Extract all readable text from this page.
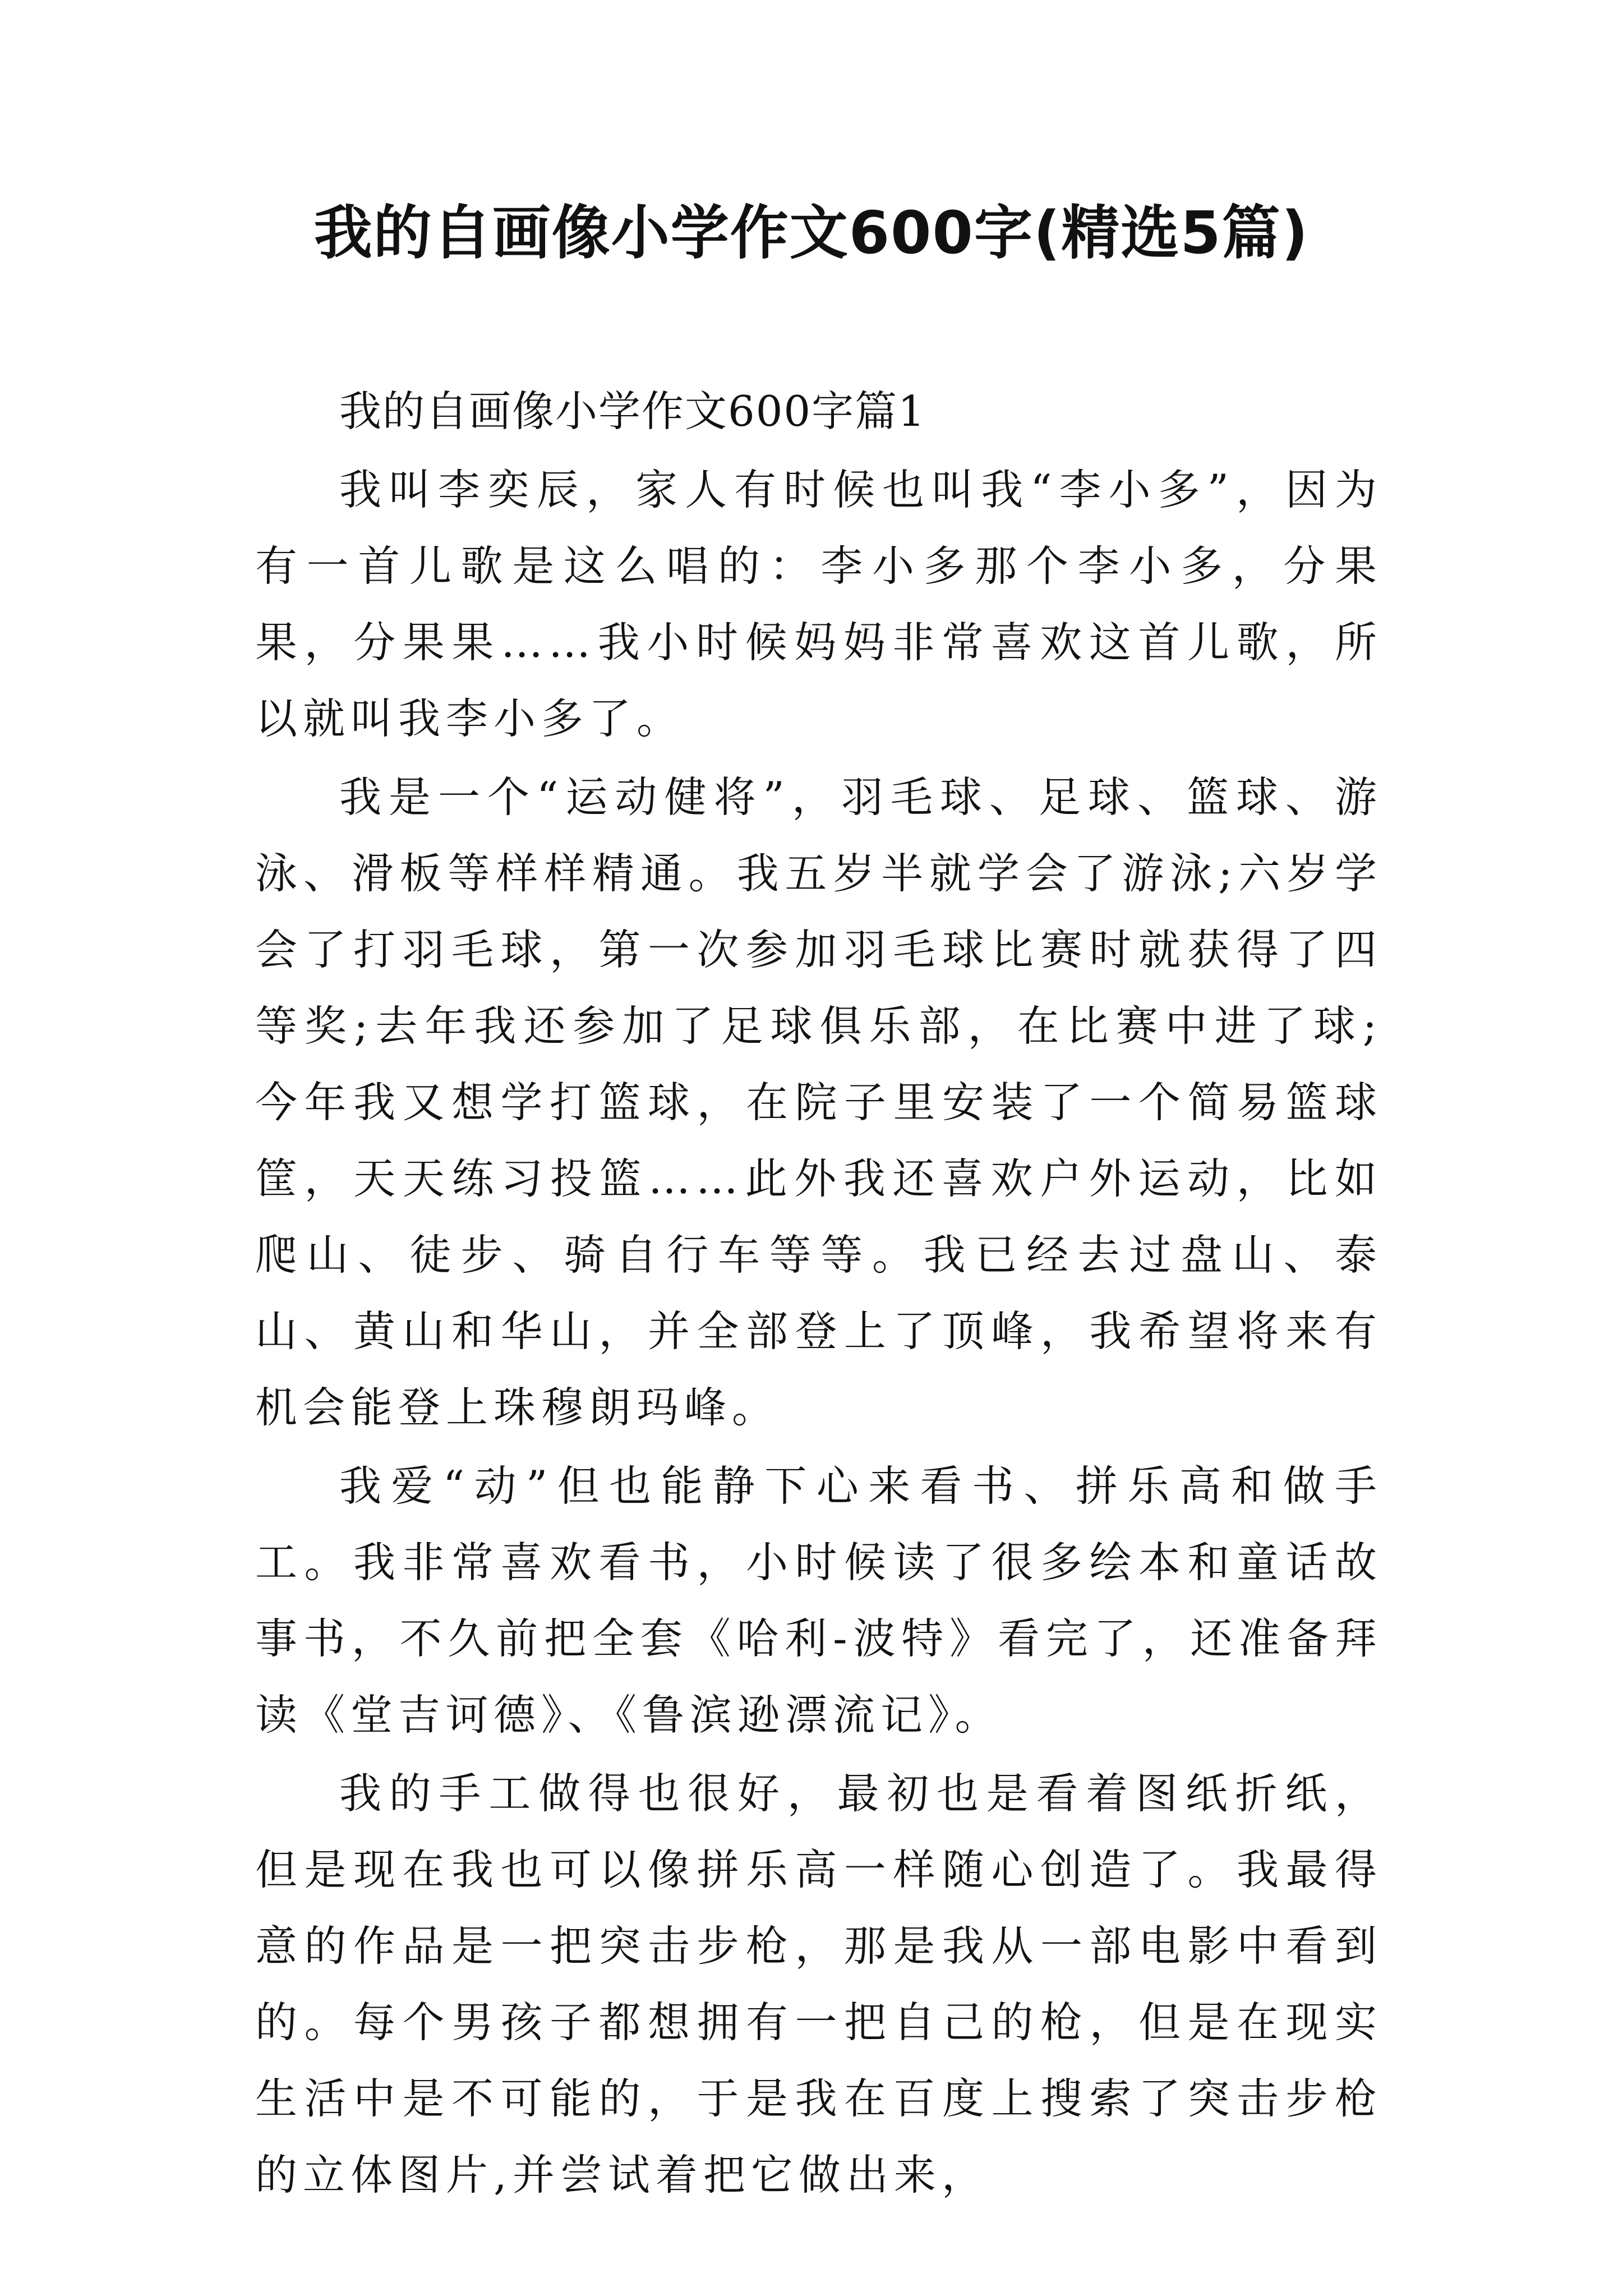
我的自画像小学作文600字(精选5篇)

我的自画像小学作文600字篇1

我叫李奕辰，家人有时候也叫我“李小多”，因为有一首儿歌是这么唱的：李小多那个李小多，分果果，分果果……我小时候妈妈非常喜欢这首儿歌，所以就叫我李小多了。

我是一个“运动健将”，羽毛球、足球、篮球、游泳、滑板等样样精通。我五岁半就学会了游泳;六岁学会了打羽毛球，第一次参加羽毛球比赛时就获得了四等奖;去年我还参加了足球俱乐部，在比赛中进了球;今年我又想学打篮球，在院子里安装了一个简易篮球筐，天天练习投篮……此外我还喜欢户外运动，比如爬山、徒步、骑自行车等等。我已经去过盘山、泰山、黄山和华山，并全部登上了顶峰，我希望将来有机会能登上珠穆朗玛峰。

我爱“动”但也能静下心来看书、拼乐高和做手工。我非常喜欢看书，小时候读了很多绘本和童话故事书，不久前把全套《哈利-波特》看完了，还准备拜读《堂吉诃德》、《鲁滨逊漂流记》。

我的手工做得也很好，最初也是看着图纸折纸，但是现在我也可以像拼乐高一样随心创造了。我最得意的作品是一把突击步枪，那是我从一部电影中看到的。每个男孩子都想拥有一把自己的枪，但是在现实生活中是不可能的，于是我在百度上搜索了突击步枪的立体图片,并尝试着把它做出来，
